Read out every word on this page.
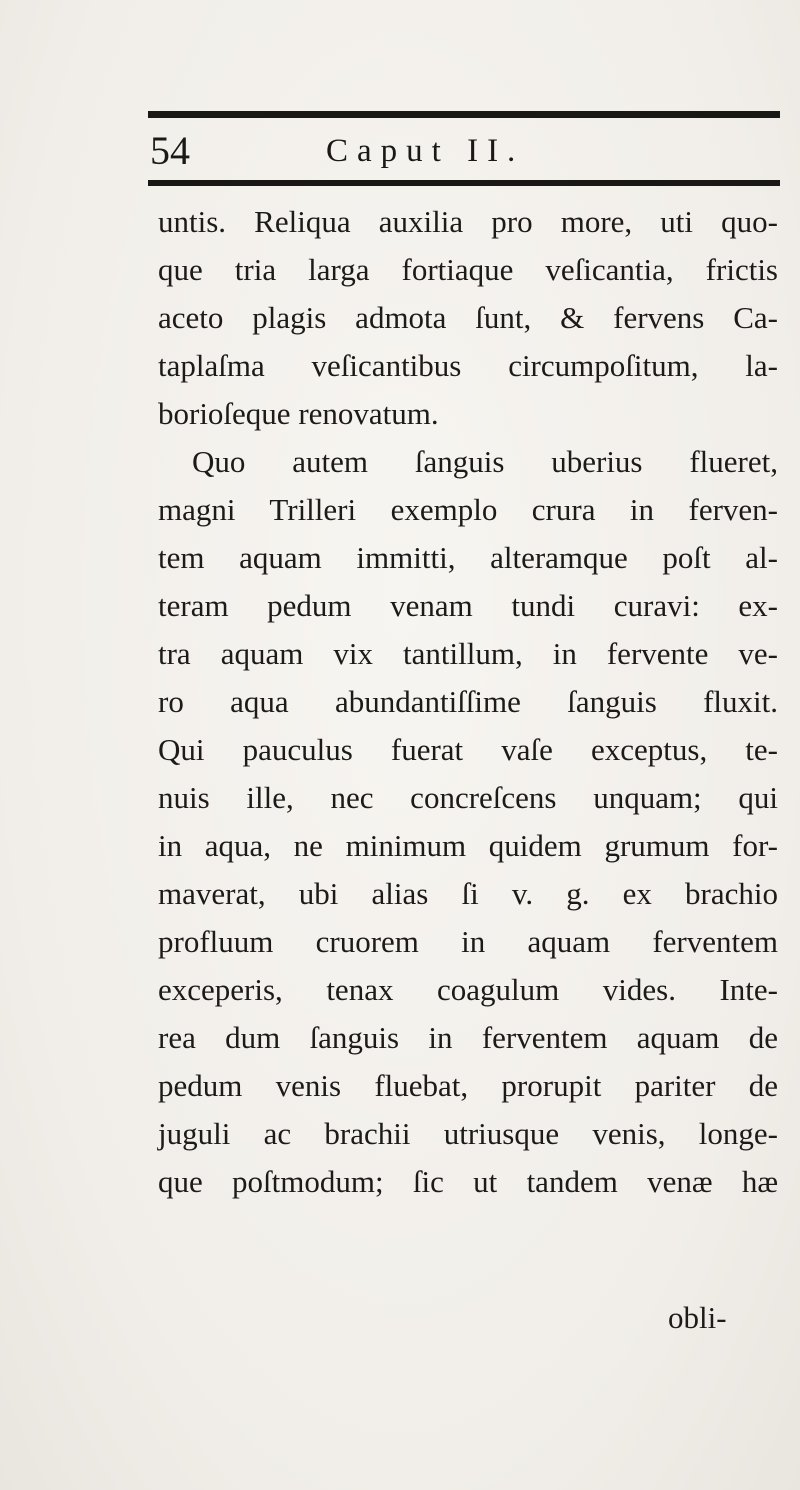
54	Caput II.
untis. Reliqua auxilia pro more, uti quo-
que tria larga fortiaque veſicantia, frictis
aceto plagis admota ſunt, & fervens Ca-
taplaſma veſicantibus circumpoſitum, la-
borioſeque renovatum.
Quo autem ſanguis uberius flueret,
magni Trilleri exemplo crura in ferven-
tem aquam immitti, alteramque poſt al-
teram pedum venam tundi curavi: ex-
tra aquam vix tantillum, in fervente ve-
ro aqua abundantiſſime ſanguis fluxit.
Qui pauculus fuerat vaſe exceptus, te-
nuis ille, nec concreſcens unquam; qui
in aqua, ne minimum quidem grumum for-
maverat, ubi alias ſi v. g. ex brachio
profluum cruorem in aquam ferventem
exceperis, tenax coagulum vides. Inte-
rea dum ſanguis in ferventem aquam de
pedum venis fluebat, prorupit pariter de
juguli ac brachii utriusque venis, longe-
que poſtmodum; ſic ut tandem venæ hæ
obli-
